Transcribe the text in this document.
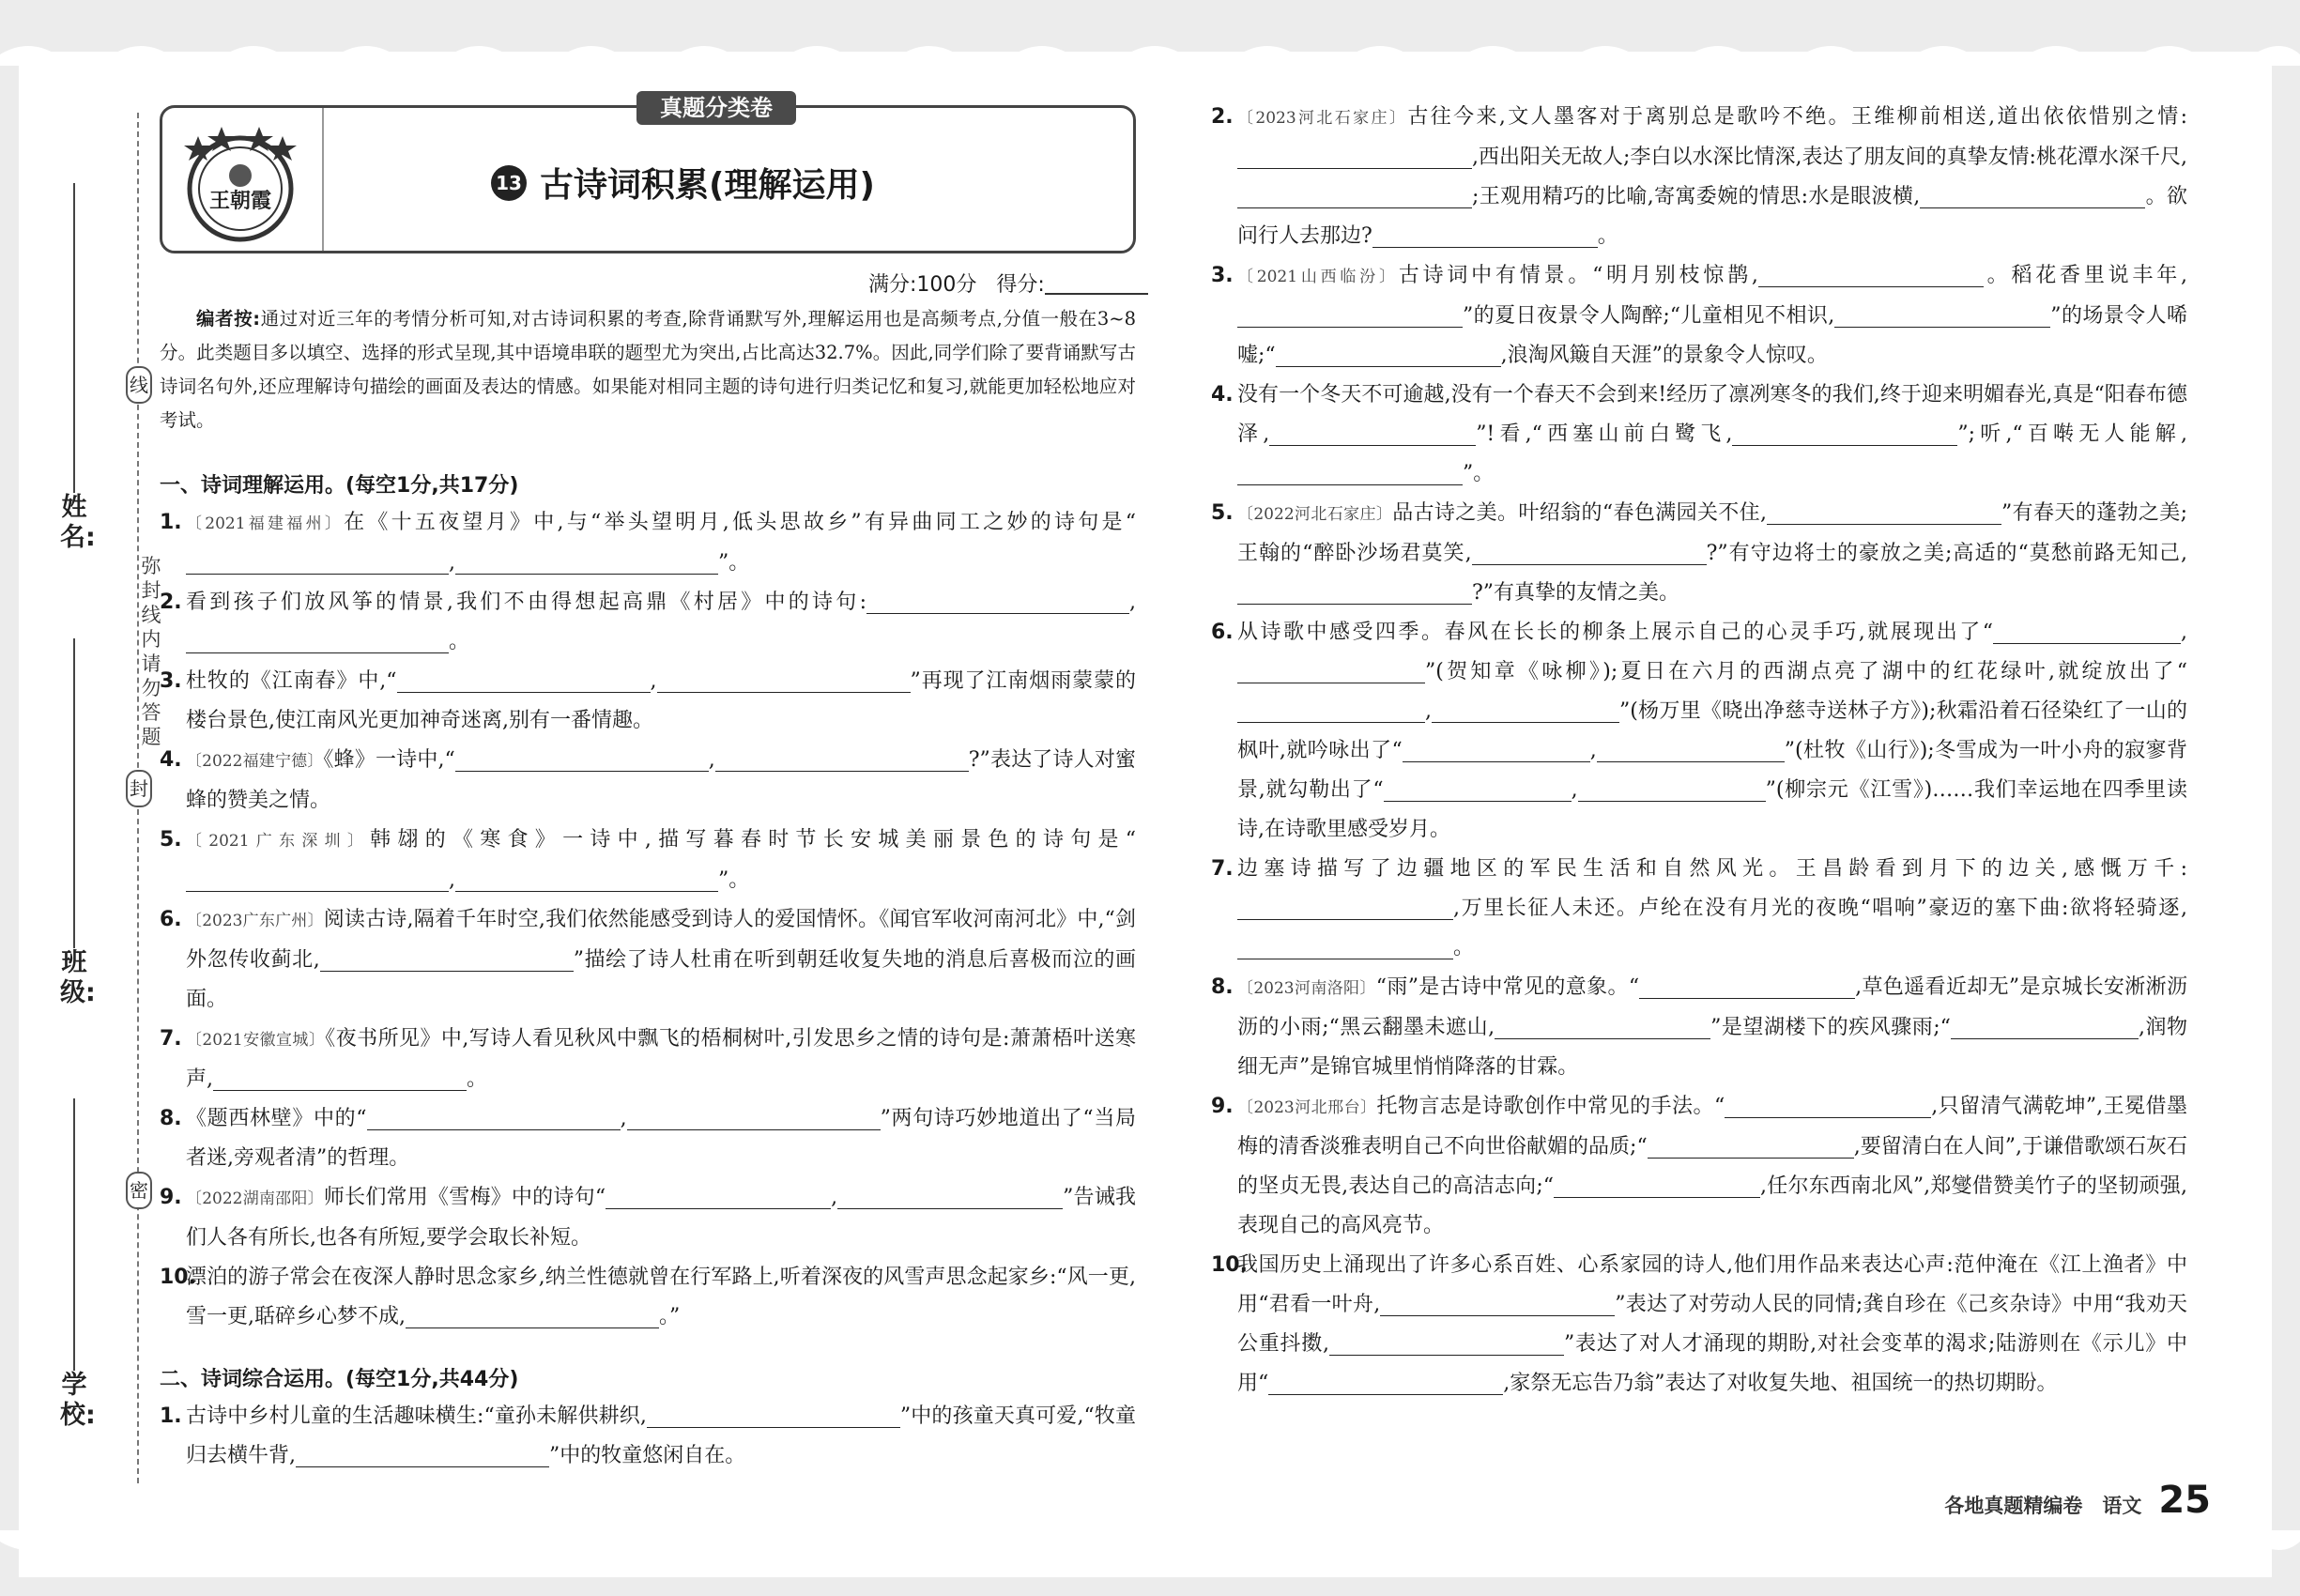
线
封
密
弥封线内请勿答题
姓名:
班级:
学校:
真题分类卷
王朝霞
13 古诗词积累(理解运用)
满分:100分 得分:
编者按:通过对近三年的考情分析可知,对古诗词积累的考查,除背诵默写外,理解运用也是高频考点,分值一般在3~8分。此类题目多以填空、选择的形式呈现,其中语境串联的题型尤为突出,占比高达32.7%。因此,同学们除了要背诵默写古诗词名句外,还应理解诗句描绘的画面及表达的情感。如果能对相同主题的诗句进行归类记忆和复习,就能更加轻松地应对考试。
一、诗词理解运用。(每空1分,共17分)
1. 〔2021福建福州〕在《十五夜望月》中,与“举头望明月,低头思故乡”有异曲同工之妙的诗句是“,	”。
2. 看到孩子们放风筝的情景,我们不由得想起高鼎《村居》中的诗句:	,。
3. 杜牧的《江南春》中,“	,	”再现了江南烟雨蒙蒙的楼台景色,使江南风光更加神奇迷离,别有一番情趣。
4. 〔2022福建宁德〕《蜂》一诗中,“	,	?”表达了诗人对蜜蜂的赞美之情。
5. 〔2021广东深圳〕韩翃的《寒食》一诗中,描写暮春时节长安城美丽景色的诗句是“,	”。
6. 〔2023广东广州〕阅读古诗,隔着千年时空,我们依然能感受到诗人的爱国情怀。《闻官军收河南河北》中,“剑外忽传收蓟北,	”描绘了诗人杜甫在听到朝廷收复失地的消息后喜极而泣的画面。
7. 〔2021安徽宣城〕《夜书所见》中,写诗人看见秋风中飘飞的梧桐树叶,引发思乡之情的诗句是:萧萧梧叶送寒声,	。
8. 《题西林壁》中的“	,	”两句诗巧妙地道出了“当局者迷,旁观者清”的哲理。
9. 〔2022湖南邵阳〕师长们常用《雪梅》中的诗句“	,	”告诫我们人各有所长,也各有所短,要学会取长补短。
10.
漂泊的游子常会在夜深人静时思念家乡,纳兰性德就曾在行军路上,听着深夜的风雪声思念起家乡:“风一更,雪一更,聒碎乡心梦不成,	。”
二、诗词综合运用。(每空1分,共44分)
1. 古诗中乡村儿童的生活趣味横生:“童孙未解供耕织,	”中的孩童天真可爱,“牧童归去横牛背,	”中的牧童悠闲自在。
2. 〔2023河北石家庄〕古往今来,文人墨客对于离别总是歌吟不绝。王维柳前相送,道出依依惜别之情:,西出阳关无故人;李白以水深比情深,表达了朋友间的真挚友情:桃花潭水深千尺,;王观用精巧的比喻,寄寓委婉的情思:水是眼波横,	。欲问行人去那边?	。
3. 〔2021山西临汾〕古诗词中有情景。“明月别枝惊鹊,	。稻花香里说丰年,”的夏日夜景令人陶醉;“儿童相见不相识,	”的场景令人唏嘘;“	,浪淘风簸自天涯”的景象令人惊叹。
4. 没有一个冬天不可逾越,没有一个春天不会到来!经历了凛冽寒冬的我们,终于迎来明媚春光,真是“阳春布德泽,	”!看,“西塞山前白鹭飞,	”;听,“百啭无人能解,”。
5. 〔2022河北石家庄〕品古诗之美。叶绍翁的“春色满园关不住,	”有春天的蓬勃之美;王翰的“醉卧沙场君莫笑,	?”有守边将士的豪放之美;高适的“莫愁前路无知己,?”有真挚的友情之美。
6. 从诗歌中感受四季。春风在长长的柳条上展示自己的心灵手巧,就展现出了“	,”(贺知章《咏柳》);夏日在六月的西湖点亮了湖中的红花绿叶,就绽放出了“,	”(杨万里《晓出净慈寺送林子方》);秋霜沿着石径染红了一山的枫叶,就吟咏出了“	,	”(杜牧《山行》);冬雪成为一叶小舟的寂寥背景,就勾勒出了“	,	”(柳宗元《江雪》)……我们幸运地在四季里读诗,在诗歌里感受岁月。
7. 边塞诗描写了边疆地区的军民生活和自然风光。王昌龄看到月下的边关,感慨万千:,万里长征人未还。卢纶在没有月光的夜晚“唱响”豪迈的塞下曲:欲将轻骑逐,。
8. 〔2023河南洛阳〕“雨”是古诗中常见的意象。“	,草色遥看近却无”是京城长安淅淅沥沥的小雨;“黑云翻墨未遮山,	”是望湖楼下的疾风骤雨;“	,润物细无声”是锦官城里悄悄降落的甘霖。
9. 〔2023河北邢台〕托物言志是诗歌创作中常见的手法。“	,只留清气满乾坤”,王冕借墨梅的清香淡雅表明自己不向世俗献媚的品质;“	,要留清白在人间”,于谦借歌颂石灰石的坚贞无畏,表达自己的高洁志向;“	,任尔东西南北风”,郑燮借赞美竹子的坚韧顽强,表现自己的高风亮节。
10.
我国历史上涌现出了许多心系百姓、心系家园的诗人,他们用作品来表达心声:范仲淹在《江上渔者》中用“君看一叶舟,	”表达了对劳动人民的同情;龚自珍在《己亥杂诗》中用“我劝天公重抖擞,	”表达了对人才涌现的期盼,对社会变革的渴求;陆游则在《示儿》中用“	,家祭无忘告乃翁”表达了对收复失地、祖国统一的热切期盼。
各地真题精编卷　语文 25
